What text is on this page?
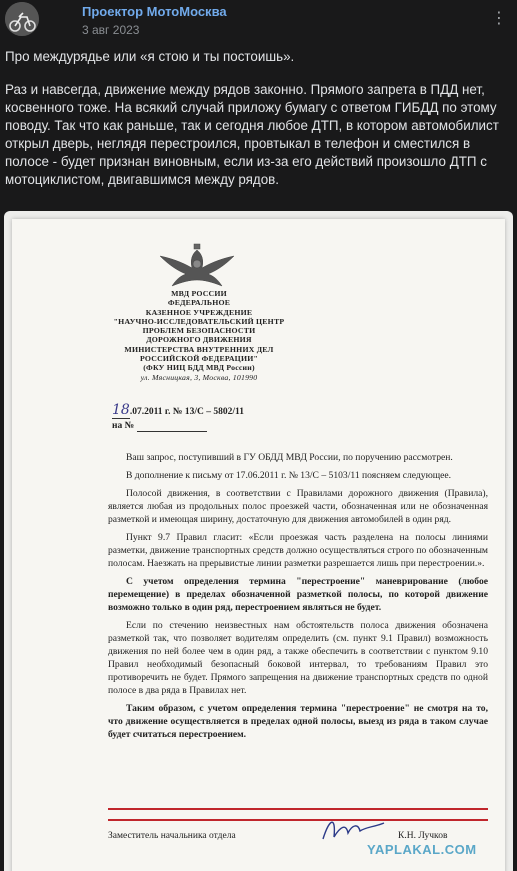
Проектор МотоМосква
3 авг 2023
⋮

Про междурядье или «я стою и ты постоишь».

Раз и навсегда, движение между рядов законно. Прямого запрета в ПДД нет, косвенного тоже. На всякий случай приложу бумагу с ответом ГИБДД по этому поводу. Так что как раньше, так и сегодня любое ДТП, в котором автомобилист открыл дверь, неглядя перестроился, провтыкал в телефон и сместился в полосе - будет признан виновным, если из-за его действий произошло ДТП с мотоциклистом, двигавшимся между рядов.

МВД РОССИИ
ФЕДЕРАЛЬНОЕ
КАЗЕННОЕ УЧРЕЖДЕНИЕ
"НАУЧНО-ИССЛЕДОВАТЕЛЬСКИЙ ЦЕНТР
ПРОБЛЕМ БЕЗОПАСНОСТИ
ДОРОЖНОГО ДВИЖЕНИЯ
МИНИСТЕРСТВА ВНУТРЕННИХ ДЕЛ
РОССИЙСКОЙ ФЕДЕРАЦИИ"
(ФКУ НИЦ БДД МВД России)
ул. Мясницкая, 3, Москва, 101990
18.07.2011 г. № 13/С – 5802/11
на №

Ваш запрос, поступивший в ГУ ОБДД МВД России, по поручению рассмотрен.

В дополнение к письму от 17.06.2011 г. № 13/С – 5103/11 поясняем следующее.

Полосой движения, в соответствии с Правилами дорожного движения (Правила), является любая из продольных полос проезжей части, обозначенная или не обозначенная разметкой и имеющая ширину, достаточную для движения автомобилей в один ряд.

Пункт 9.7 Правил гласит: «Если проезжая часть разделена на полосы линиями разметки, движение транспортных средств должно осуществляться строго по обозначенным полосам. Наезжать на прерывистые линии разметки разрешается лишь при перестроении.».

С учетом определения термина "перестроение" маневрирование (любое перемещение) в пределах обозначенной разметкой полосы, по которой движение возможно только в один ряд, перестроением являться не будет.

Если по стечению неизвестных нам обстоятельств полоса движения обозначена разметкой так, что позволяет водителям определить (см. пункт 9.1 Правил) возможность движения по ней более чем в один ряд, а также обеспечить в соответствии с пунктом 9.10 Правил необходимый безопасный боковой интервал, то требованиям Правил это противоречить не будет. Прямого запрещения на движение транспортных средств по одной полосе в два ряда в Правилах нет.

Таким образом, с учетом определения термина "перестроение" не смотря на то, что движение осуществляется в пределах одной полосы, выезд из ряда в таком случае будет считаться перестроением.

Заместитель начальника отдела	К.Н. Лучков
YAPLAKAL.COM
